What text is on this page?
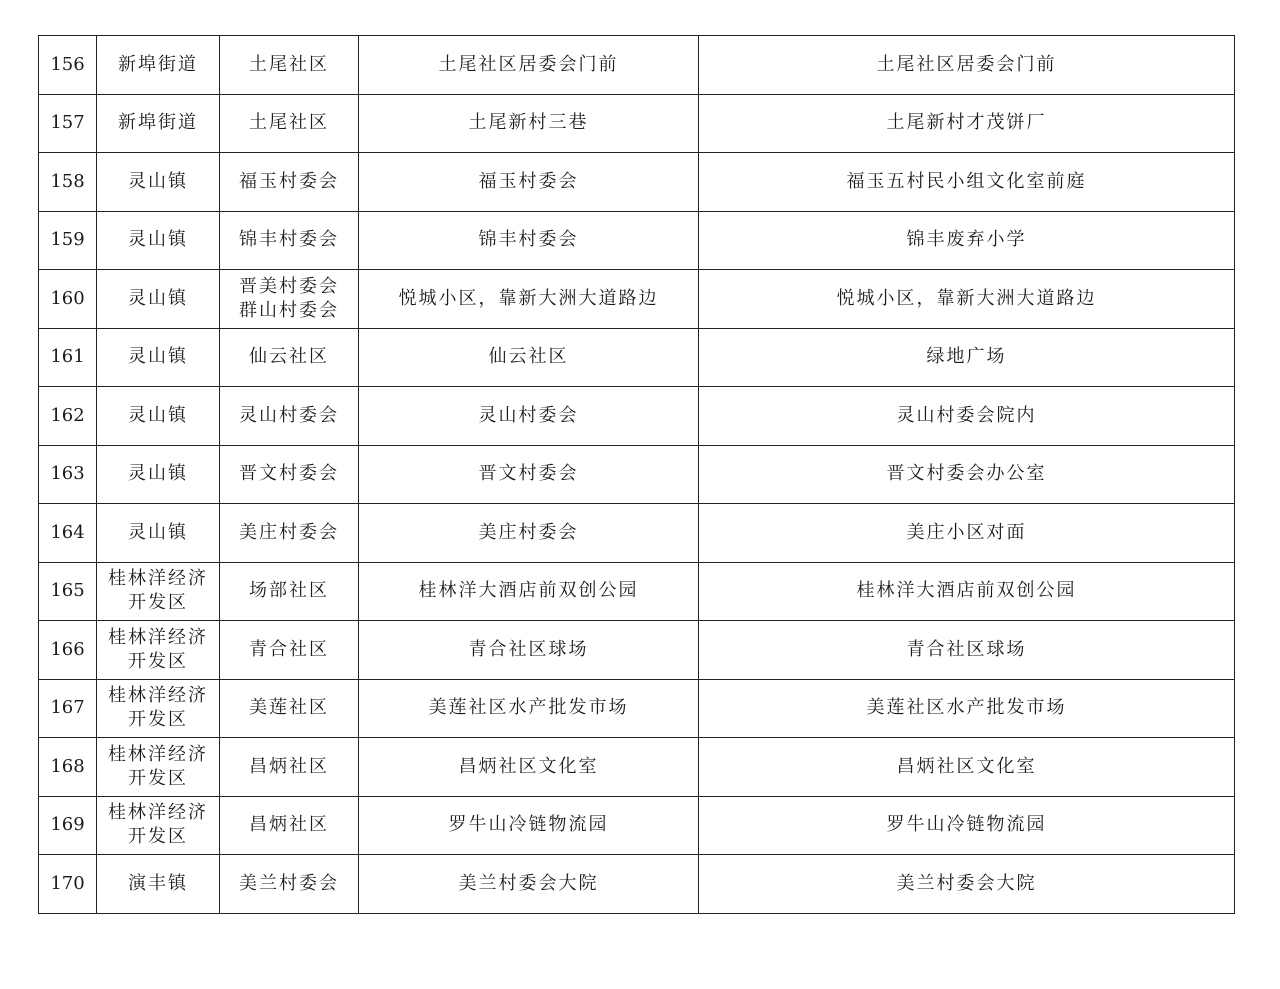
156	新埠街道	土尾社区	土尾社区居委会门前	土尾社区居委会门前
157	新埠街道	土尾社区	土尾新村三巷	土尾新村才茂饼厂
158	灵山镇	福玉村委会	福玉村委会	福玉五村民小组文化室前庭
159	灵山镇	锦丰村委会	锦丰村委会	锦丰废弃小学
160	灵山镇	晋美村委会
群山村委会	悦城小区，靠新大洲大道路边	悦城小区，靠新大洲大道路边
161	灵山镇	仙云社区	仙云社区	绿地广场
162	灵山镇	灵山村委会	灵山村委会	灵山村委会院内
163	灵山镇	晋文村委会	晋文村委会	晋文村委会办公室
164	灵山镇	美庄村委会	美庄村委会	美庄小区对面
165	桂林洋经济
开发区	场部社区	桂林洋大酒店前双创公园	桂林洋大酒店前双创公园
166	桂林洋经济
开发区	青合社区	青合社区球场	青合社区球场
167	桂林洋经济
开发区	美莲社区	美莲社区水产批发市场	美莲社区水产批发市场
168	桂林洋经济
开发区	昌炳社区	昌炳社区文化室	昌炳社区文化室
169	桂林洋经济
开发区	昌炳社区	罗牛山冷链物流园	罗牛山冷链物流园
170	演丰镇	美兰村委会	美兰村委会大院	美兰村委会大院
